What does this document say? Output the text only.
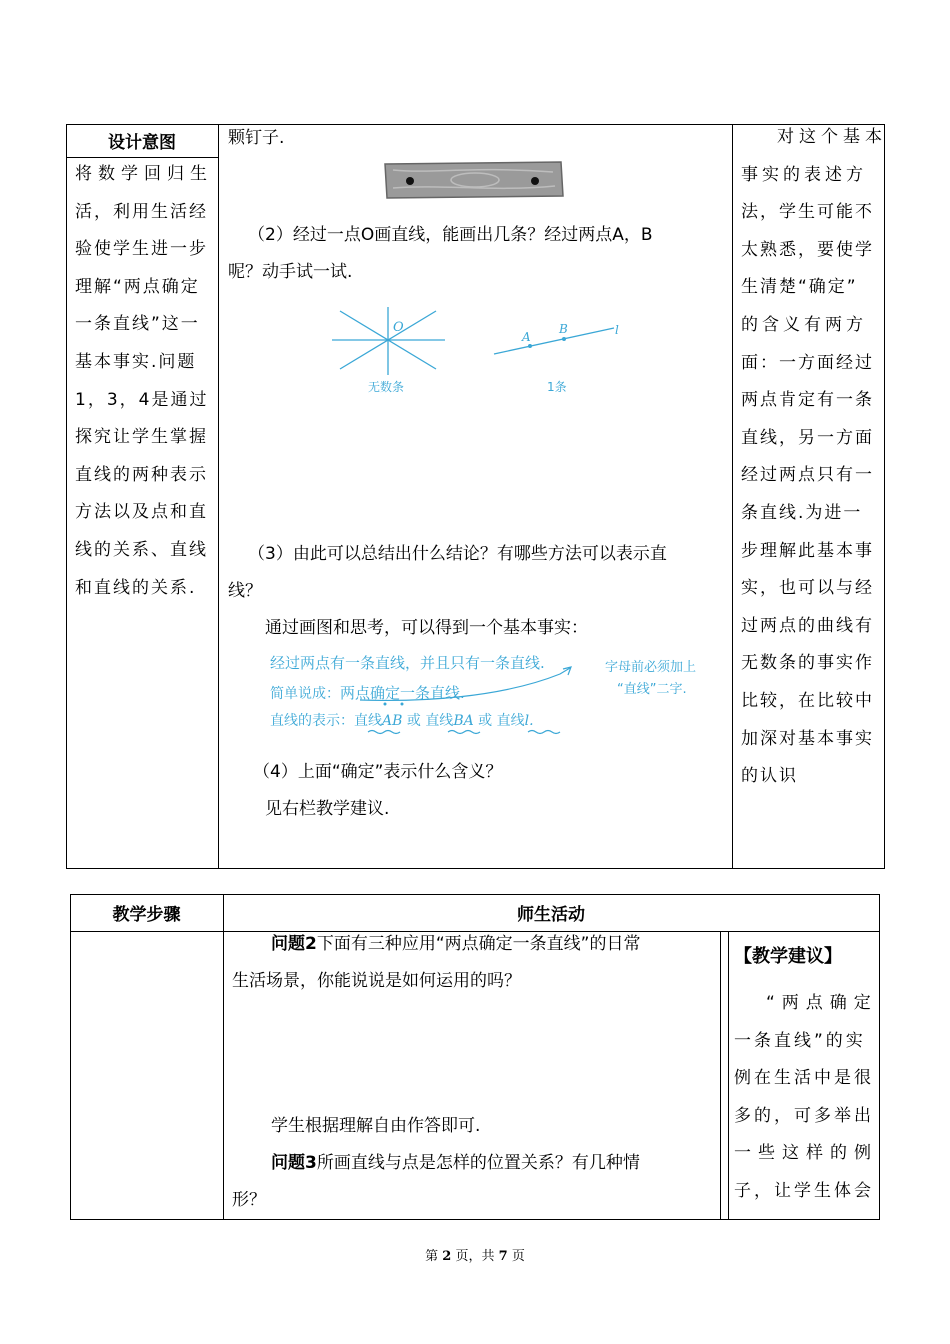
设计意图
将数学回归生
活，利用生活经
验使学生进一步
理解“两点确定
一条直线”这一
基本事实.问题
1，3，4是通过
探究让学生掌握
直线的两种表示
方法以及点和直
线的关系、直线
和直线的关系.
颗钉子.
（2）经过一点O画直线，能画出几条？经过两点A，B
呢？动手试一试.
O
无数条
A
B	l
1条
（3）由此可以总结出什么结论？有哪些方法可以表示直
线？
通过画图和思考，可以得到一个基本事实：
经过两点有一条直线，并且只有一条直线.
简单说成：两点确定一条直线.
直线的表示：直线AB 或 直线BA 或 直线l.
字母前必须加上
“直线”二字.
（4）上面“确定”表示什么含义？
见右栏教学建议.
对这个基本
事实的表述方
法，学生可能不
太熟悉，要使学
生清楚“确定”
的含义有两方
面：一方面经过
两点肯定有一条
直线，另一方面
经过两点只有一
条直线.为进一
步理解此基本事
实，也可以与经
过两点的曲线有
无数条的事实作
比较，在比较中
加深对基本事实
的认识
教学步骤	师生活动
问题2下面有三种应用“两点确定一条直线”的日常
生活场景，你能说说是如何运用的吗？
学生根据理解自由作答即可.
问题3所画直线与点是怎样的位置关系？有几种情
形？
【教学建议】
“两点确定
一条直线”的实
例在生活中是很
多的，可多举出
一些这样的例
子，让学生体会
第 2 页，共 7 页
